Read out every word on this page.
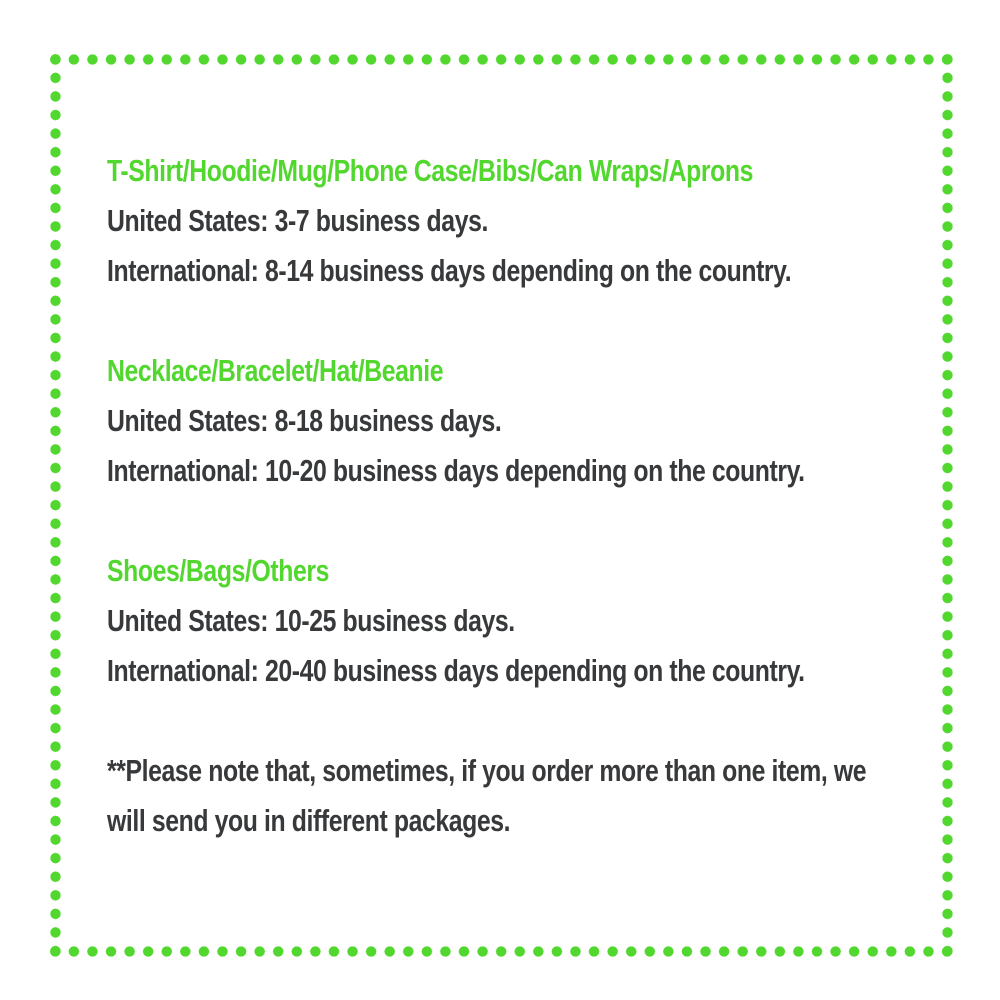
T-Shirt/Hoodie/Mug/Phone Case/Bibs/Can Wraps/Aprons
United States: 3-7 business days.
International: 8-14 business days depending on the country.
Necklace/Bracelet/Hat/Beanie
United States: 8-18 business days.
International: 10-20 business days depending on the country.
Shoes/Bags/Others
United States: 10-25 business days.
International: 20-40 business days depending on the country.
**Please note that, sometimes, if you order more than one item, we
will send you in different packages.
